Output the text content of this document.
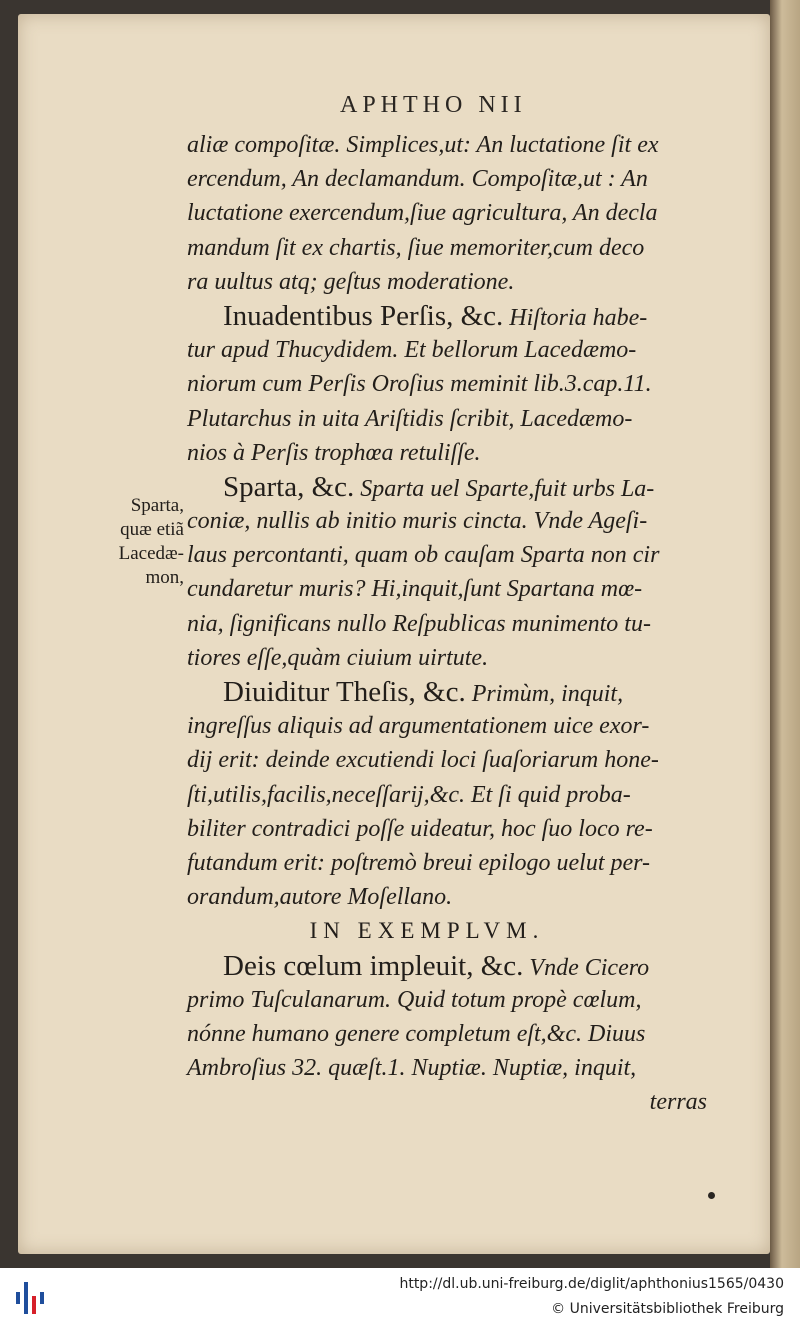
APHTHO NII
Sparta,
quæ etiã
Lacedæ-
mon,
aliæ compoſitæ. Simplices,ut: An luctatione ſit ex
ercendum, An declamandum. Compoſitæ,ut : An
luctatione exercendum,ſiue agricultura, An decla
mandum ſit ex chartis, ſiue memoriter,cum deco
ra uultus atq; geſtus moderatione.
Inuadentibus Perſis, &c. Hiſtoria habe-
tur apud Thucydidem. Et bellorum Lacedæmo-
niorum cum Perſis Oroſius meminit lib.3.cap.11.
Plutarchus in uita Ariſtidis ſcribit, Lacedæmo-
nios à Perſis trophœa retuliſſe.
Sparta, &c. Sparta uel Sparte,fuit urbs La-
coniæ, nullis ab initio muris cincta. Vnde Ageſi-
laus percontanti, quam ob cauſam Sparta non cir
cundaretur muris? Hi,inquit,ſunt Spartana mœ-
nia, ſignificans nullo Reſpublicas munimento tu-
tiores eſſe,quàm ciuium uirtute.
Diuiditur Theſis, &c. Primùm, inquit,
ingreſſus aliquis ad argumentationem uice exor-
dij erit: deinde excutiendi loci ſuaſoriarum hone-
ſti,utilis,facilis,neceſſarij,&c. Et ſi quid proba-
biliter contradici poſſe uideatur, hoc ſuo loco re-
futandum erit: poſtremò breui epilogo uelut per-
orandum,autore Moſellano.
IN EXEMPLVM.
Deis cœlum impleuit, &c. Vnde Cicero
primo Tuſculanarum. Quid totum propè cœlum,
nónne humano genere completum eſt,&c. Diuus
Ambroſius 32. quæſt.1. Nuptiæ. Nuptiæ, inquit,
terras
http://dl.ub.uni-freiburg.de/diglit/aphthonius1565/0430
© Universitätsbibliothek Freiburg
